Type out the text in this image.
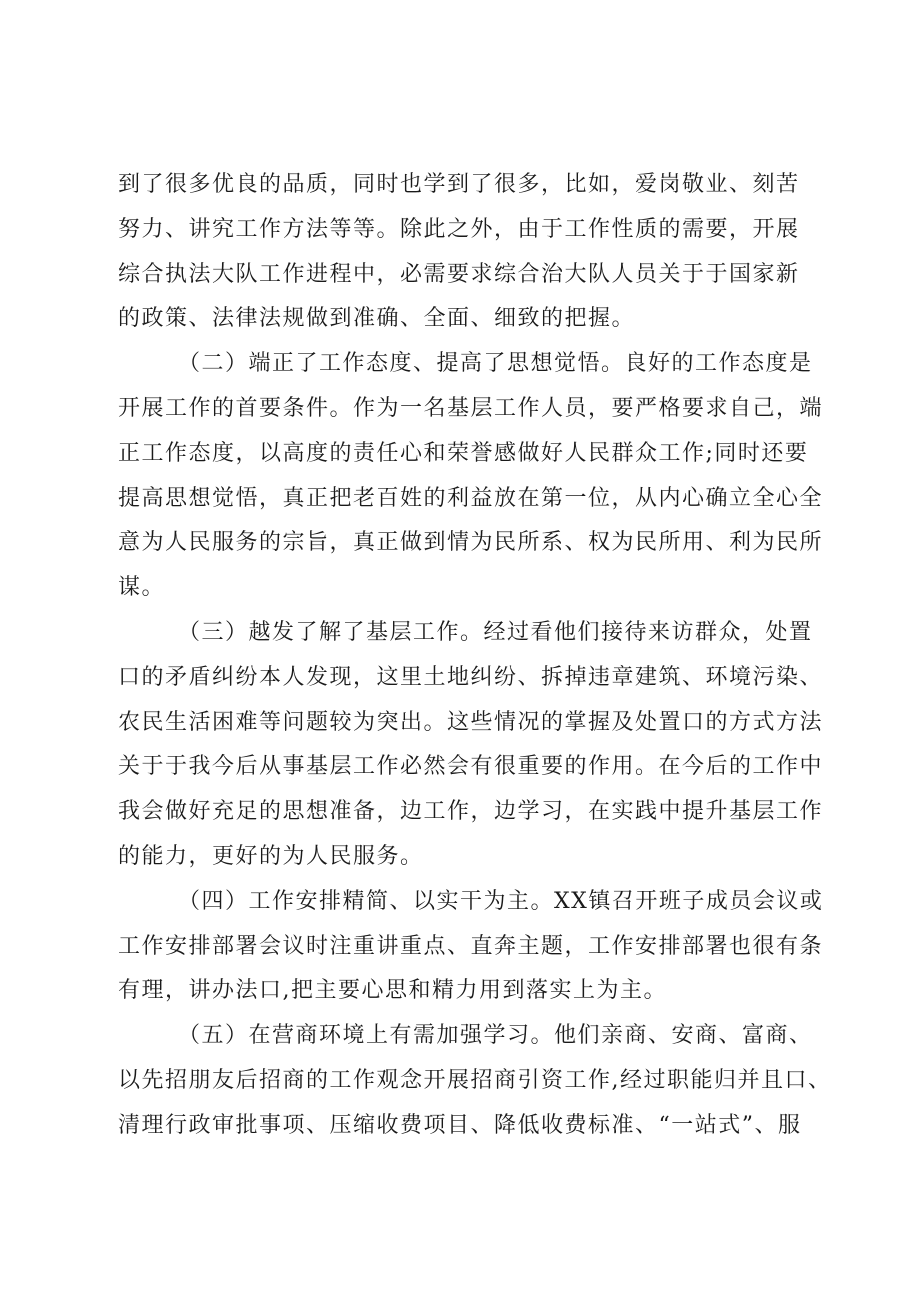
到了很多优良的品质，同时也学到了很多，比如，爱岗敬业、刻苦
努力、讲究工作方法等等。除此之外，由于工作性质的需要，开展
综合执法大队工作进程中，必需要求综合治大队人员关于于国家新
的政策、法律法规做到准确、全面、细致的把握。

（二）端正了工作态度、提高了思想觉悟。良好的工作态度是
开展工作的首要条件。作为一名基层工作人员，要严格要求自己，端
正工作态度，以高度的责任心和荣誉感做好人民群众工作;同时还要
提高思想觉悟，真正把老百姓的利益放在第一位，从内心确立全心全
意为人民服务的宗旨，真正做到情为民所系、权为民所用、利为民所
谋。

（三）越发了解了基层工作。经过看他们接待来访群众，处置
口的矛盾纠纷本人发现，这里土地纠纷、拆掉违章建筑、环境污染、
农民生活困难等问题较为突出。这些情况的掌握及处置口的方式方法
关于于我今后从事基层工作必然会有很重要的作用。在今后的工作中
我会做好充足的思想准备，边工作，边学习，在实践中提升基层工作
的能力，更好的为人民服务。

（四）工作安排精简、以实干为主。XX镇召开班子成员会议或
工作安排部署会议时注重讲重点、直奔主题，工作安排部署也很有条
有理，讲办法口,把主要心思和精力用到落实上为主。

（五）在营商环境上有需加强学习。他们亲商、安商、富商、
以先招朋友后招商的工作观念开展招商引资工作,经过职能归并且口、
清理行政审批事项、压缩收费项目、降低收费标准、“一站式”、服
